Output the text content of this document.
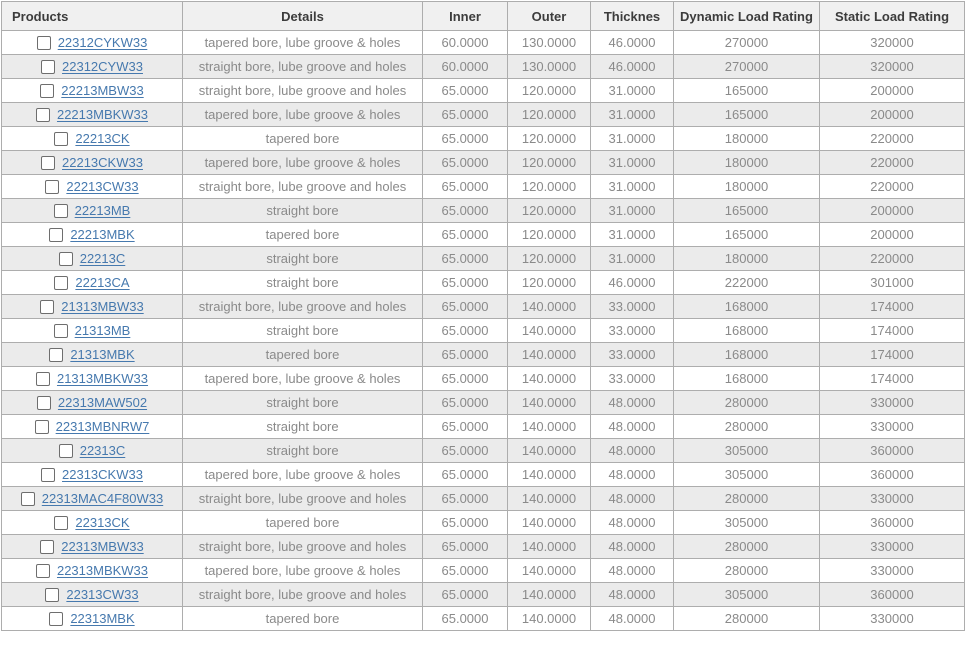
Products	Details	Inner	Outer	Thicknes	Dynamic Load Rating	Static Load Rating
22312CYKW33	tapered bore, lube groove & holes	60.0000	130.0000	46.0000	270000	320000
22312CYW33	straight bore, lube groove and holes	60.0000	130.0000	46.0000	270000	320000
22213MBW33	straight bore, lube groove and holes	65.0000	120.0000	31.0000	165000	200000
22213MBKW33	tapered bore, lube groove & holes	65.0000	120.0000	31.0000	165000	200000
22213CK	tapered bore	65.0000	120.0000	31.0000	180000	220000
22213CKW33	tapered bore, lube groove & holes	65.0000	120.0000	31.0000	180000	220000
22213CW33	straight bore, lube groove and holes	65.0000	120.0000	31.0000	180000	220000
22213MB	straight bore	65.0000	120.0000	31.0000	165000	200000
22213MBK	tapered bore	65.0000	120.0000	31.0000	165000	200000
22213C	straight bore	65.0000	120.0000	31.0000	180000	220000
22213CA	straight bore	65.0000	120.0000	46.0000	222000	301000
21313MBW33	straight bore, lube groove and holes	65.0000	140.0000	33.0000	168000	174000
21313MB	straight bore	65.0000	140.0000	33.0000	168000	174000
21313MBK	tapered bore	65.0000	140.0000	33.0000	168000	174000
21313MBKW33	tapered bore, lube groove & holes	65.0000	140.0000	33.0000	168000	174000
22313MAW502	straight bore	65.0000	140.0000	48.0000	280000	330000
22313MBNRW7	straight bore	65.0000	140.0000	48.0000	280000	330000
22313C	straight bore	65.0000	140.0000	48.0000	305000	360000
22313CKW33	tapered bore, lube groove & holes	65.0000	140.0000	48.0000	305000	360000
22313MAC4F80W33	straight bore, lube groove and holes	65.0000	140.0000	48.0000	280000	330000
22313CK	tapered bore	65.0000	140.0000	48.0000	305000	360000
22313MBW33	straight bore, lube groove and holes	65.0000	140.0000	48.0000	280000	330000
22313MBKW33	tapered bore, lube groove & holes	65.0000	140.0000	48.0000	280000	330000
22313CW33	straight bore, lube groove and holes	65.0000	140.0000	48.0000	305000	360000
22313MBK	tapered bore	65.0000	140.0000	48.0000	280000	330000
